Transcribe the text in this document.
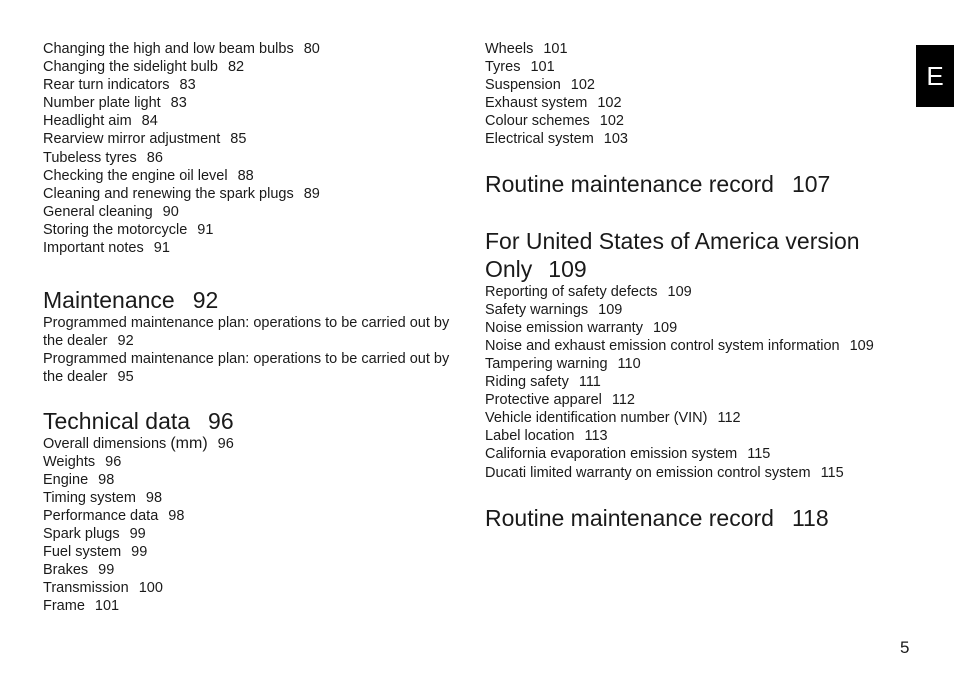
Changing the high and low beam bulbs 80

Changing the sidelight bulb 82

Rear turn indicators 83

Number plate light 83

Headlight aim 84

Rearview mirror adjustment 85

Tubeless tyres 86

Checking the engine oil level 88

Cleaning and renewing the spark plugs 89

General cleaning 90

Storing the motorcycle 91

Important notes 91

Maintenance 92

Programmed maintenance plan: operations to be carried out by the dealer 92

Programmed maintenance plan: operations to be carried out by the dealer 95

Technical data 96

Overall dimensions (mm) 96

Weights 96

Engine 98

Timing system 98

Performance data 98

Spark plugs 99

Fuel system 99

Brakes 99

Transmission 100

Frame 101

Wheels 101

Tyres 101

Suspension 102

Exhaust system 102

Colour schemes 102

Electrical system 103

Routine maintenance record 107
For United States of America version
Only 109

Reporting of safety defects 109

Safety warnings 109

Noise emission warranty 109

Noise and exhaust emission control system information 109

Tampering warning 110

Riding safety 111

Protective apparel 112

Vehicle identification number (VIN) 112

Label location 113

California evaporation emission system 115

Ducati limited warranty on emission control system 115

Routine maintenance record 118
E
5
